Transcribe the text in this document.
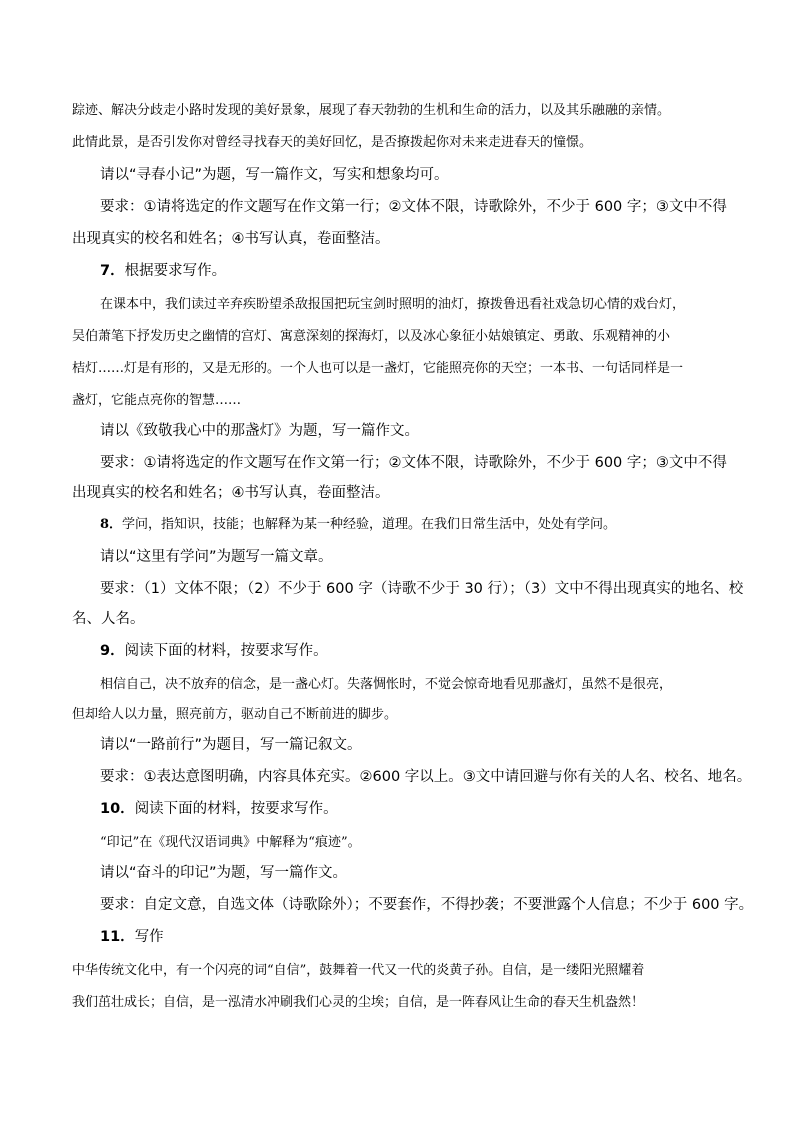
踪迹、解决分歧走小路时发现的美好景象，展现了春天勃勃的生机和生命的活力，以及其乐融融的亲情。
此情此景，是否引发你对曾经寻找春天的美好回忆，是否撩拨起你对未来走进春天的憧憬。
请以“寻春小记”为题，写一篇作文，写实和想象均可。
要求：①请将选定的作文题写在作文第一行；②文体不限，诗歌除外，不少于 600 字；③文中不得
出现真实的校名和姓名；④书写认真，卷面整洁。
7．根据要求写作。
在课本中，我们读过辛弃疾盼望杀敌报国把玩宝剑时照明的油灯，撩拨鲁迅看社戏急切心情的戏台灯，
吴伯萧笔下抒发历史之幽情的宫灯、寓意深刻的探海灯，以及冰心象征小姑娘镇定、勇敢、乐观精神的小
桔灯……灯是有形的，又是无形的。一个人也可以是一盏灯，它能照亮你的天空；一本书、一句话同样是一
盏灯，它能点亮你的智慧……
请以《致敬我心中的那盏灯》为题，写一篇作文。
要求：①请将选定的作文题写在作文第一行；②文体不限，诗歌除外，不少于 600 字；③文中不得
出现真实的校名和姓名；④书写认真，卷面整洁。
8．学问，指知识，技能；也解释为某一种经验，道理。在我们日常生活中，处处有学问。
请以“这里有学问”为题写一篇文章。
要求：（1）文体不限；（2）不少于 600 字（诗歌不少于 30 行）；（3）文中不得出现真实的地名、校
名、人名。
9．阅读下面的材料，按要求写作。
相信自己，决不放弃的信念，是一盏心灯。失落惆怅时，不觉会惊奇地看见那盏灯，虽然不是很亮，
但却给人以力量，照亮前方，驱动自己不断前进的脚步。
请以“一路前行”为题目，写一篇记叙文。
要求：①表达意图明确，内容具体充实。②600 字以上。③文中请回避与你有关的人名、校名、地名。
10．阅读下面的材料，按要求写作。
“印记”在《现代汉语词典》中解释为“痕迹”。
请以“奋斗的印记”为题，写一篇作文。
要求：自定文意，自选文体（诗歌除外）；不要套作，不得抄袭；不要泄露个人信息；不少于 600 字。
11．写作
中华传统文化中，有一个闪亮的词“自信”，鼓舞着一代又一代的炎黄子孙。自信，是一缕阳光照耀着
我们茁壮成长；自信，是一泓清水冲刷我们心灵的尘埃；自信，是一阵春风让生命的春天生机盎然！
